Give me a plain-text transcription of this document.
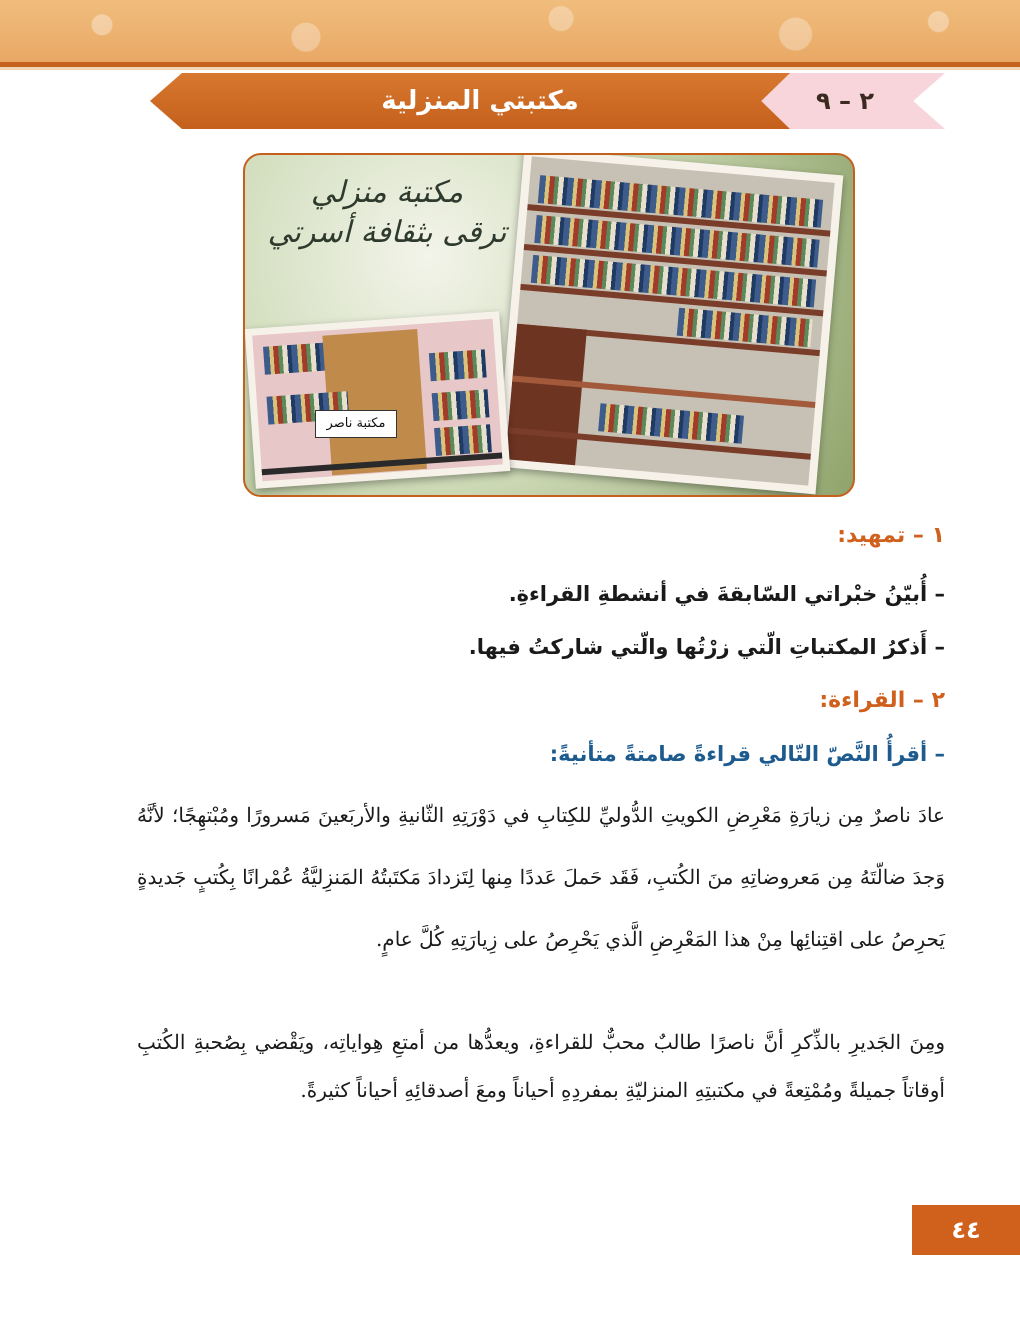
مكتبتي المنزلية	٢ – ٩
مكتبة منزلي
ترقى بثقافة أسرتي
مكتبة ناصر
١ – تمهيد:
– أُبيّنُ خبْراتي السّابقةَ في أنشطةِ القراءةِ.
– أَذكرُ المكتباتِ الّتي زرْتُها والّتي شاركتُ فيها.
٢ – القراءة:
– أقرأُ النَّصّ التّالي قراءةً صامتةً متأنيةً:
عادَ ناصرٌ مِن زيارَةِ مَعْرِضِ الكويتِ الدُّوليِّ للكِتابِ في دَوْرَتِهِ الثّانيةِ والأربَعينَ مَسرورًا ومُبْتهِجًا؛ لأنَّهُ وَجدَ ضالّتَهُ مِن مَعروضاتِهِ منَ الكُتبِ، فَقَد حَملَ عَددًا مِنها لِتَزدادَ مَكتَبتُهُ المَنزِليَّةُ عُمْرانًا بِكُتبٍ جَديدةٍ يَحرِصُ على اقتِنائِها مِنْ هذا المَعْرِضِ الَّذي يَحْرِصُ على زِيارَتِهِ كُلَّ عامٍ.
ومِنَ الجَديرِ بالذِّكرِ أنَّ ناصرًا طالبٌ محبٌّ للقراءةِ، ويعدُّها من أمتعِ هِواياتِه، ويَقْضي بِصُحبةِ الكُتبِ أوقاتاً جميلةً ومُمْتِعةً في مكتبتِهِ المنزليّةِ بمفردِهِ أحياناً ومعَ أصدقائِهِ أحياناً كثيرةً.
٤٤
